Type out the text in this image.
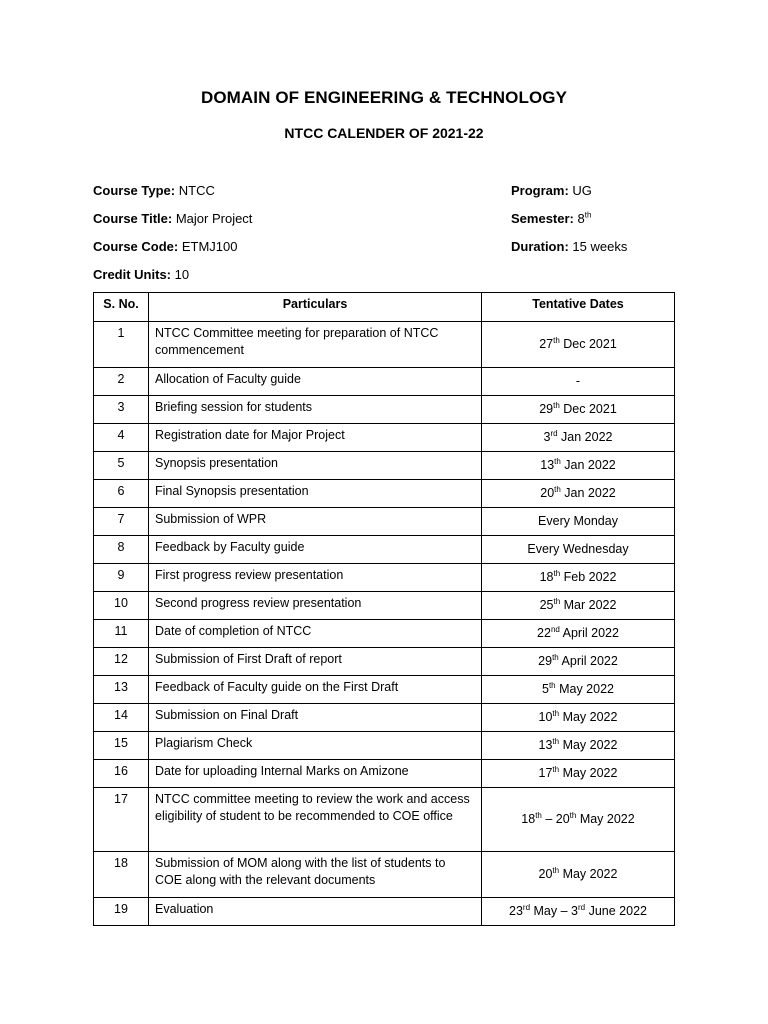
DOMAIN OF ENGINEERING & TECHNOLOGY
NTCC CALENDER OF 2021-22
Course Type: NTCC
Course Title: Major Project
Course Code: ETMJ100
Credit Units: 10
Program: UG
Semester: 8th
Duration: 15 weeks
S. No.	Particulars	Tentative Dates
1	NTCC Committee meeting for preparation of NTCC commencement	27th Dec 2021
2	Allocation of Faculty guide	-
3	Briefing session for students	29th Dec 2021
4	Registration date for Major Project	3rd Jan 2022
5	Synopsis presentation	13th Jan 2022
6	Final Synopsis presentation	20th Jan 2022
7	Submission of WPR	Every Monday
8	Feedback by Faculty guide	Every Wednesday
9	First progress review presentation	18th Feb 2022
10	Second progress review presentation	25th Mar 2022
11	Date of completion of NTCC	22nd April 2022
12	Submission of First Draft of report	29th April 2022
13	Feedback of Faculty guide on the First Draft	5th May 2022
14	Submission on Final Draft	10th May 2022
15	Plagiarism Check	13th May 2022
16	Date for uploading Internal Marks on Amizone	17th May 2022
17	NTCC committee meeting to review the work and access eligibility of student to be recommended to COE office	18th – 20th May 2022
18	Submission of MOM along with the list of students to COE along with the relevant documents	20th May 2022
19	Evaluation	23rd May – 3rd June 2022
